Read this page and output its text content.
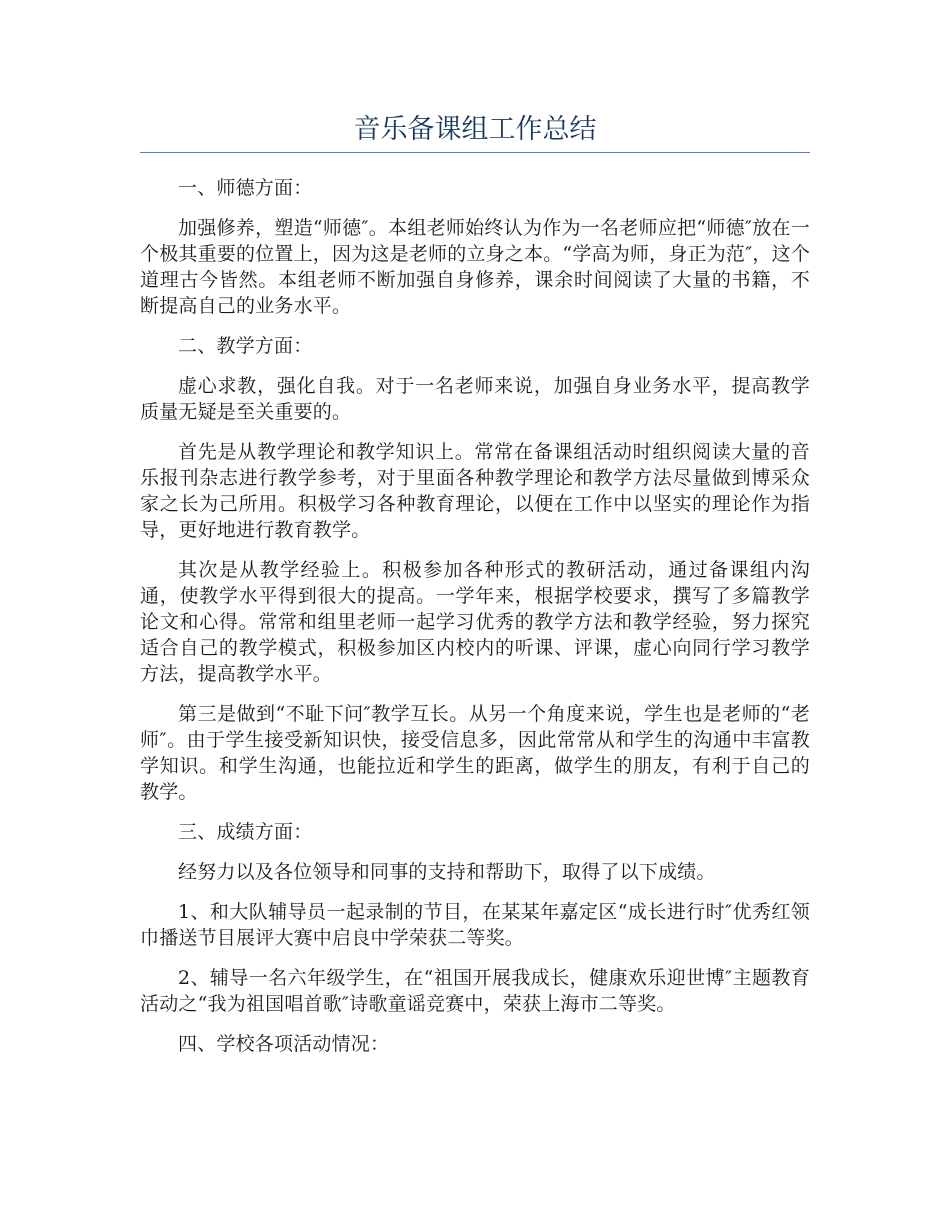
音乐备课组工作总结

一、师德方面：

加强修养，塑造“师德″。本组老师始终认为作为一名老师应把“师德″放在一个极其重要的位置上，因为这是老师的立身之本。“学高为师，身正为范″，这个道理古今皆然。本组老师不断加强自身修养，课余时间阅读了大量的书籍，不断提高自己的业务水平。

二、教学方面：

虚心求教，强化自我。对于一名老师来说，加强自身业务水平，提高教学质量无疑是至关重要的。

首先是从教学理论和教学知识上。常常在备课组活动时组织阅读大量的音乐报刊杂志进行教学参考，对于里面各种教学理论和教学方法尽量做到博采众家之长为己所用。积极学习各种教育理论，以便在工作中以坚实的理论作为指导，更好地进行教育教学。

其次是从教学经验上。积极参加各种形式的教研活动，通过备课组内沟通，使教学水平得到很大的提高。一学年来，根据学校要求，撰写了多篇教学论文和心得。常常和组里老师一起学习优秀的教学方法和教学经验，努力探究适合自己的教学模式，积极参加区内校内的听课、评课，虚心向同行学习教学方法，提高教学水平。

第三是做到“不耻下问″教学互长。从另一个角度来说，学生也是老师的“老师″。由于学生接受新知识快，接受信息多，因此常常从和学生的沟通中丰富教学知识。和学生沟通，也能拉近和学生的距离，做学生的朋友，有利于自己的教学。

三、成绩方面：

经努力以及各位领导和同事的支持和帮助下，取得了以下成绩。

1、和大队辅导员一起录制的节目，在某某年嘉定区“成长进行时″优秀红领巾播送节目展评大赛中启良中学荣获二等奖。

2、辅导一名六年级学生，在“祖国开展我成长，健康欢乐迎世博″主题教育活动之“我为祖国唱首歌″诗歌童谣竞赛中，荣获上海市二等奖。

四、学校各项活动情况：
